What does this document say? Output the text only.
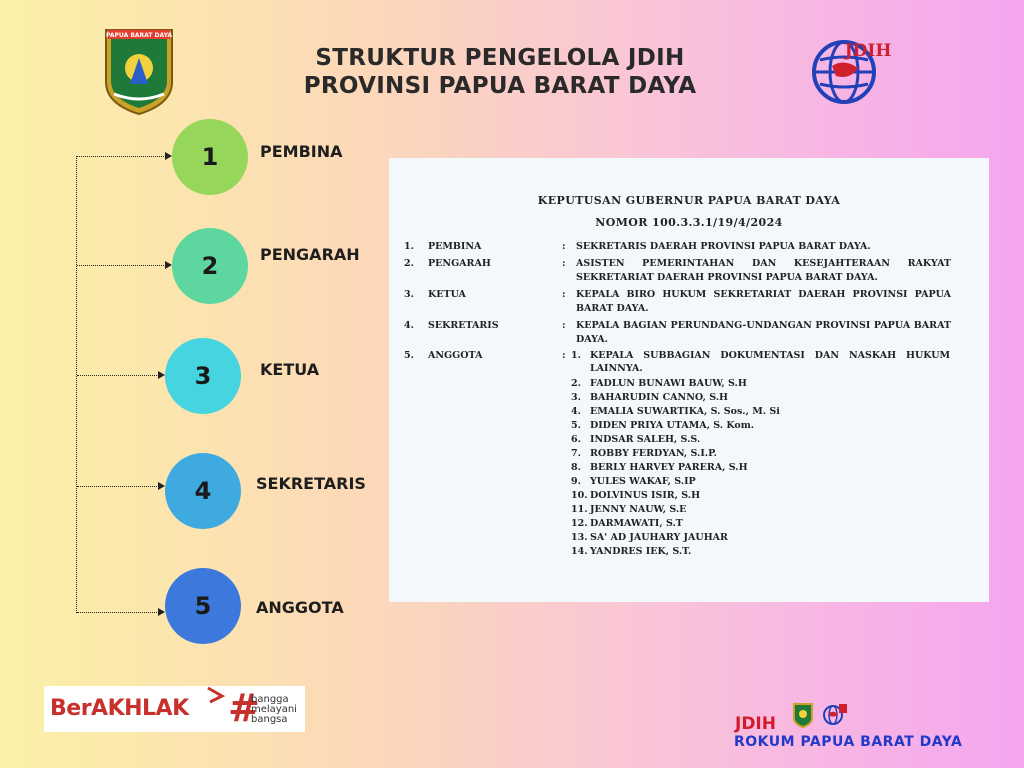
PAPUA BARAT DAYA
JDIH
STRUKTUR PENGELOLA JDIH
PROVINSI PAPUA BARAT DAYA
1	PEMBINA
2	PENGARAH
3	KETUA
4	SEKRETARIS
5	ANGGOTA
KEPUTUSAN GUBERNUR PAPUA BARAT DAYA
NOMOR 100.3.3.1/19/4/2024
1. PEMBINA	: SEKRETARIS DAERAH PROVINSI PAPUA BARAT DAYA.
2. PENGARAH	: ASISTEN PEMERINTAHAN DAN KESEJAHTERAAN RAKYAT SEKRETARIAT DAERAH PROVINSI PAPUA BARAT DAYA.
3. KETUA	: KEPALA BIRO HUKUM SEKRETARIAT DAERAH PROVINSI PAPUA BARAT DAYA.
4. SEKRETARIS	: KEPALA BAGIAN PERUNDANG-UNDANGAN PROVINSI PAPUA BARAT DAYA.
5. ANGGOTA	: 1. KEPALA SUBBAGIAN DOKUMENTASI DAN NASKAH HUKUM LAINNYA.
2. FADLUN BUNAWI BAUW, S.H
3. BAHARUDIN CANNO, S.H
4. EMALIA SUWARTIKA, S. Sos., M. Si
5. DIDEN PRIYA UTAMA, S. Kom.
6. INDSAR SALEH, S.S.
7. ROBBY FERDYAN, S.I.P.
8. BERLY HARVEY PARERA, S.H
9. YULES WAKAF, S.IP
10. DOLVINUS ISIR, S.H
11. JENNY NAUW, S.E
12. DARMAWATI, S.T
13. SA' AD JAUHARY JAUHAR
14. YANDRES IEK, S.T.
BerAKHLAK #
bangga
melayani
bangsa	JDIH
ROKUM PAPUA BARAT DAYA
